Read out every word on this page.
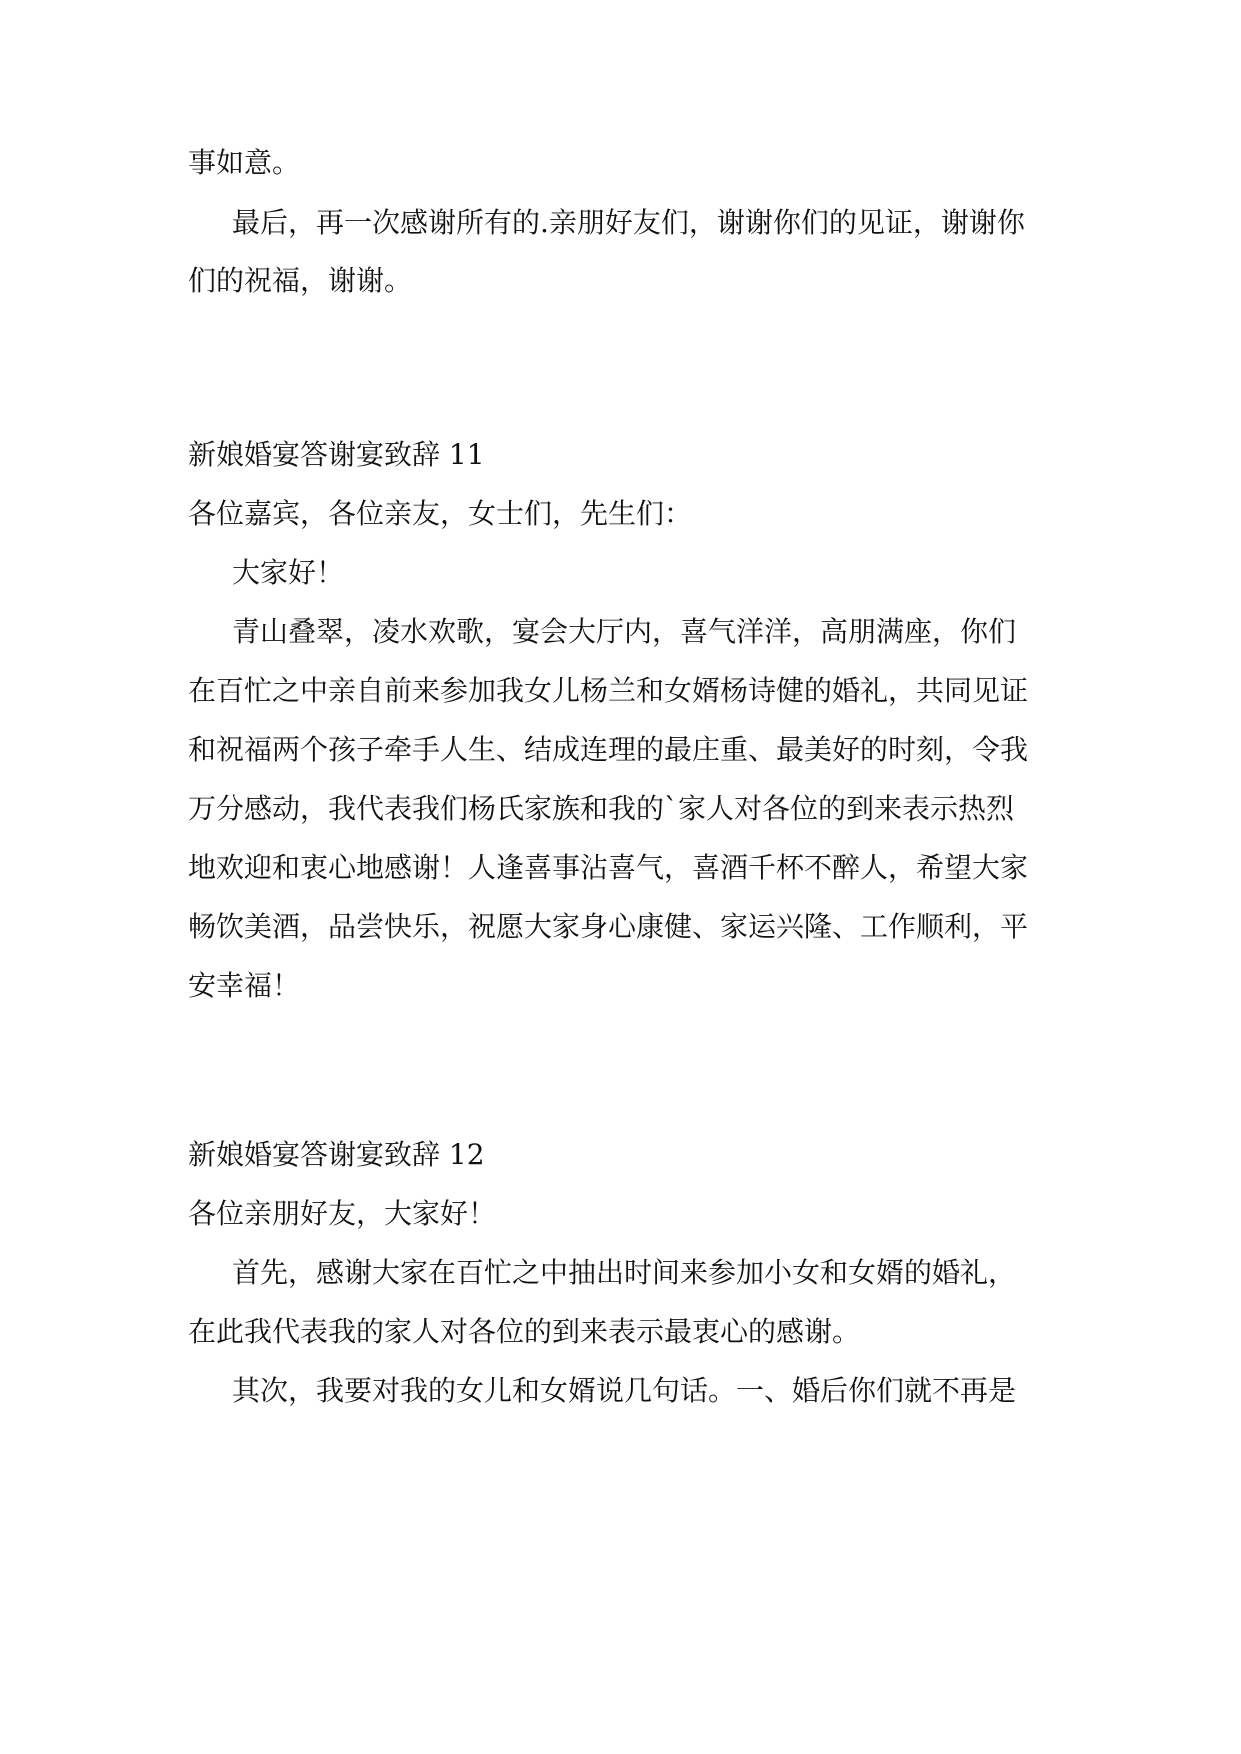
事如意。
最后，再一次感谢所有的.亲朋好友们，谢谢你们的见证，谢谢你
们的祝福，谢谢。
新娘婚宴答谢宴致辞 11
各位嘉宾，各位亲友，女士们，先生们：
大家好！
青山叠翠，凌水欢歌，宴会大厅内，喜气洋洋，高朋满座，你们
在百忙之中亲自前来参加我女儿杨兰和女婿杨诗健的婚礼，共同见证
和祝福两个孩子牵手人生、结成连理的最庄重、最美好的时刻，令我
万分感动，我代表我们杨氏家族和我的`家人对各位的到来表示热烈
地欢迎和衷心地感谢！人逢喜事沾喜气，喜酒千杯不醉人，希望大家
畅饮美酒，品尝快乐，祝愿大家身心康健、家运兴隆、工作顺利，平
安幸福！
新娘婚宴答谢宴致辞 12
各位亲朋好友，大家好！
首先，感谢大家在百忙之中抽出时间来参加小女和女婿的婚礼，
在此我代表我的家人对各位的到来表示最衷心的感谢。
其次，我要对我的女儿和女婿说几句话。一、婚后你们就不再是
